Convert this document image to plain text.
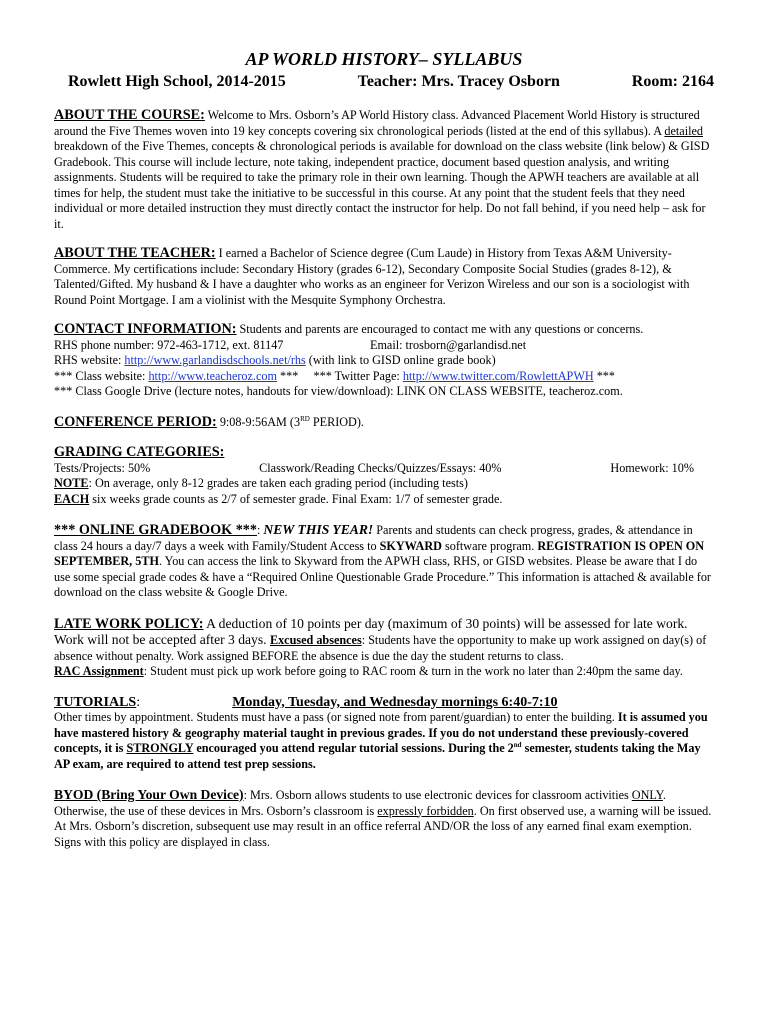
AP WORLD HISTORY– SYLLABUS
Rowlett High School, 2014-2015	Teacher: Mrs. Tracey Osborn	Room: 2164
ABOUT THE COURSE: Welcome to Mrs. Osborn’s AP World History class. Advanced Placement World History is structured around the Five Themes woven into 19 key concepts covering six chronological periods (listed at the end of this syllabus). A detailed breakdown of the Five Themes, concepts & chronological periods is available for download on the class website (link below) & GISD Gradebook. This course will include lecture, note taking, independent practice, document based question analysis, and writing assignments. Students will be required to take the primary role in their own learning. Though the APWH teachers are available at all times for help, the student must take the initiative to be successful in this course. At any point that the student feels that they need individual or more detailed instruction they must directly contact the instructor for help. Do not fall behind, if you need help – ask for it.
ABOUT THE TEACHER: I earned a Bachelor of Science degree (Cum Laude) in History from Texas A&M University-Commerce. My certifications include: Secondary History (grades 6-12), Secondary Composite Social Studies (grades 8-12), & Talented/Gifted. My husband & I have a daughter who works as an engineer for Verizon Wireless and our son is a sociologist with Round Point Mortgage. I am a violinist with the Mesquite Symphony Orchestra.
CONTACT INFORMATION: Students and parents are encouraged to contact me with any questions or concerns.
RHS phone number: 972-463-1712, ext. 81147	Email: trosborn@garlandisd.net
RHS website: http://www.garlandisdschools.net/rhs (with link to GISD online grade book)
*** Class website: http://www.teacheroz.com *** *** Twitter Page: http://www.twitter.com/RowlettAPWH ***
*** Class Google Drive (lecture notes, handouts for view/download): LINK ON CLASS WEBSITE, teacheroz.com.
CONFERENCE PERIOD: 9:08-9:56AM (3RD PERIOD).
GRADING CATEGORIES:
Tests/Projects: 50%	Classwork/Reading Checks/Quizzes/Essays: 40%	Homework: 10%
NOTE: On average, only 8-12 grades are taken each grading period (including tests)
EACH six weeks grade counts as 2/7 of semester grade. Final Exam: 1/7 of semester grade.
*** ONLINE GRADEBOOK ***: NEW THIS YEAR! Parents and students can check progress, grades, & attendance in class 24 hours a day/7 days a week with Family/Student Access to SKYWARD software program. REGISTRATION IS OPEN ON SEPTEMBER, 5TH. You can access the link to Skyward from the APWH class, RHS, or GISD websites. Please be aware that I do use some special grade codes & have a “Required Online Questionable Grade Procedure.” This information is attached & available for download on the class website & Google Drive.
LATE WORK POLICY: A deduction of 10 points per day (maximum of 30 points) will be assessed for late work. Work will not be accepted after 3 days. Excused absences: Students have the opportunity to make up work assigned on day(s) of absence without penalty. Work assigned BEFORE the absence is due the day the student returns to class.
RAC Assignment: Student must pick up work before going to RAC room & turn in the work no later than 2:40pm the same day.
TUTORIALS:	Monday, Tuesday, and Wednesday mornings 6:40-7:10
Other times by appointment. Students must have a pass (or signed note from parent/guardian) to enter the building. It is assumed you have mastered history & geography material taught in previous grades. If you do not understand these previously-covered concepts, it is STRONGLY encouraged you attend regular tutorial sessions. During the 2nd semester, students taking the May AP exam, are required to attend test prep sessions.
BYOD (Bring Your Own Device): Mrs. Osborn allows students to use electronic devices for classroom activities ONLY. Otherwise, the use of these devices in Mrs. Osborn’s classroom is expressly forbidden. On first observed use, a warning will be issued. At Mrs. Osborn’s discretion, subsequent use may result in an office referral AND/OR the loss of any earned final exam exemption. Signs with this policy are displayed in class.
